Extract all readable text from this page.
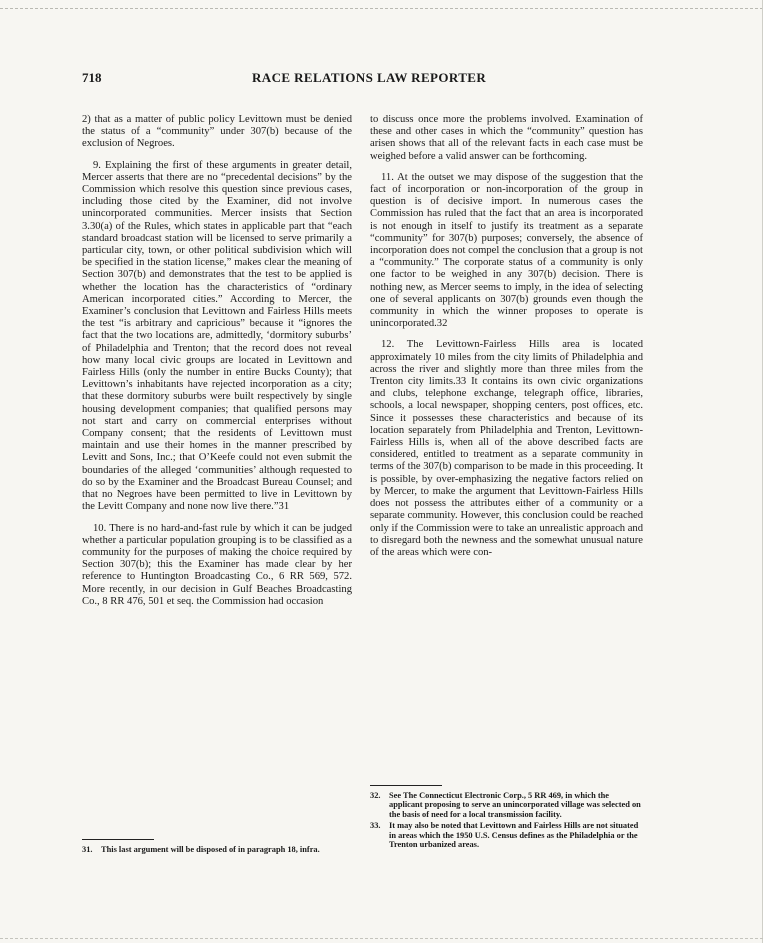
718	RACE RELATIONS LAW REPORTER

2) that as a matter of public policy Levittown must be denied the status of a “community” under 307(b) because of the exclusion of Negroes.

9. Explaining the first of these arguments in greater detail, Mercer asserts that there are no “precedental decisions” by the Commission which resolve this question since previous cases, including those cited by the Examiner, did not involve unincorporated communities. Mercer insists that Section 3.30(a) of the Rules, which states in applicable part that “each standard broadcast station will be licensed to serve primarily a particular city, town, or other political subdivision which will be specified in the station license,” makes clear the meaning of Section 307(b) and demonstrates that the test to be applied is whether the location has the characteristics of “ordinary American incorporated cities.” According to Mercer, the Examiner’s conclusion that Levittown and Fairless Hills meets the test “is arbitrary and capricious” because it “ignores the fact that the two locations are, admittedly, ‘dormitory suburbs’ of Philadelphia and Trenton; that the record does not reveal how many local civic groups are located in Levittown and Fairless Hills (only the number in entire Bucks County); that Levittown’s inhabitants have rejected incorporation as a city; that these dormitory suburbs were built respectively by single housing development companies; that qualified persons may not start and carry on commercial enterprises without Company consent; that the residents of Levittown must maintain and use their homes in the manner prescribed by Levitt and Sons, Inc.; that O’Keefe could not even submit the boundaries of the alleged ‘communities’ although requested to do so by the Examiner and the Broadcast Bureau Counsel; and that no Negroes have been permitted to live in Levittown by the Levitt Company and none now live there.”31

10. There is no hard-and-fast rule by which it can be judged whether a particular population grouping is to be classified as a community for the purposes of making the choice required by Section 307(b); this the Examiner has made clear by her reference to Huntington Broadcasting Co., 6 RR 569, 572. More recently, in our decision in Gulf Beaches Broadcasting Co., 8 RR 476, 501 et seq. the Commission had occasion

31.	This last argument will be disposed of in paragraph 18, infra.

to discuss once more the problems involved. Examination of these and other cases in which the “community” question has arisen shows that all of the relevant facts in each case must be weighed before a valid answer can be forthcoming.

11. At the outset we may dispose of the suggestion that the fact of incorporation or non-incorporation of the group in question is of decisive import. In numerous cases the Commission has ruled that the fact that an area is incorporated is not enough in itself to justify its treatment as a separate “community” for 307(b) purposes; conversely, the absence of incorporation does not compel the conclusion that a group is not a “community.” The corporate status of a community is only one factor to be weighed in any 307(b) decision. There is nothing new, as Mercer seems to imply, in the idea of selecting one of several applicants on 307(b) grounds even though the community in which the winner proposes to operate is unincorporated.32

12. The Levittown-Fairless Hills area is located approximately 10 miles from the city limits of Philadelphia and across the river and slightly more than three miles from the Trenton city limits.33 It contains its own civic organizations and clubs, telephone exchange, telegraph office, libraries, schools, a local newspaper, shopping centers, post offices, etc. Since it possesses these characteristics and because of its location separately from Philadelphia and Trenton, Levittown-Fairless Hills is, when all of the above described facts are considered, entitled to treatment as a separate community in terms of the 307(b) comparison to be made in this proceeding. It is possible, by over-emphasizing the negative factors relied on by Mercer, to make the argument that Levittown-Fairless Hills does not possess the attributes either of a community or a separate community. However, this conclusion could be reached only if the Commission were to take an unrealistic approach and to disregard both the newness and the somewhat unusual nature of the areas which were con-

32.	See The Connecticut Electronic Corp., 5 RR 469, in which the applicant proposing to serve an unincorporated village was selected on the basis of need for a local transmission facility.
33.	It may also be noted that Levittown and Fairless Hills are not situated in areas which the 1950 U.S. Census defines as the Philadelphia or the Trenton urbanized areas.
